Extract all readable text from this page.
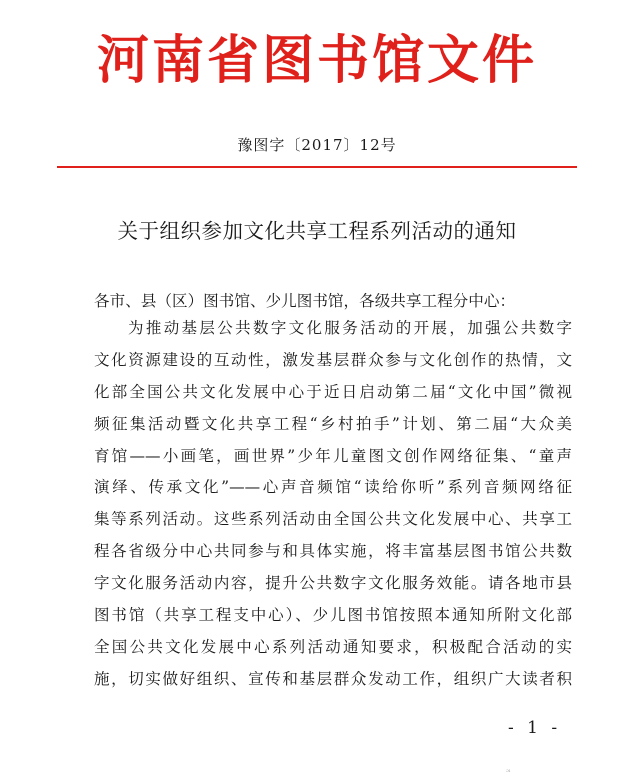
河南省图书馆文件
豫图字〔2017〕12号
关于组织参加文化共享工程系列活动的通知
各市、县（区）图书馆、少儿图书馆，各级共享工程分中心：
为推动基层公共数字文化服务活动的开展，加强公共数字
文化资源建设的互动性，激发基层群众参与文化创作的热情，文
化部全国公共文化发展中心于近日启动第二届“文化中国”微视
频征集活动暨文化共享工程“乡村拍手”计划、第二届“大众美
育馆——小画笔，画世界”少年儿童图文创作网络征集、“童声
演绎、传承文化”——心声音频馆“读给你听”系列音频网络征
集等系列活动。这些系列活动由全国公共文化发展中心、共享工
程各省级分中心共同参与和具体实施，将丰富基层图书馆公共数
字文化服务活动内容，提升公共数字文化服务效能。请各地市县
图书馆（共享工程支中心）、少儿图书馆按照本通知所附文化部
全国公共文化发展中心系列活动通知要求，积极配合活动的实
施，切实做好组织、宣传和基层群众发动工作，组织广大读者积
- 1 -
ɔı
